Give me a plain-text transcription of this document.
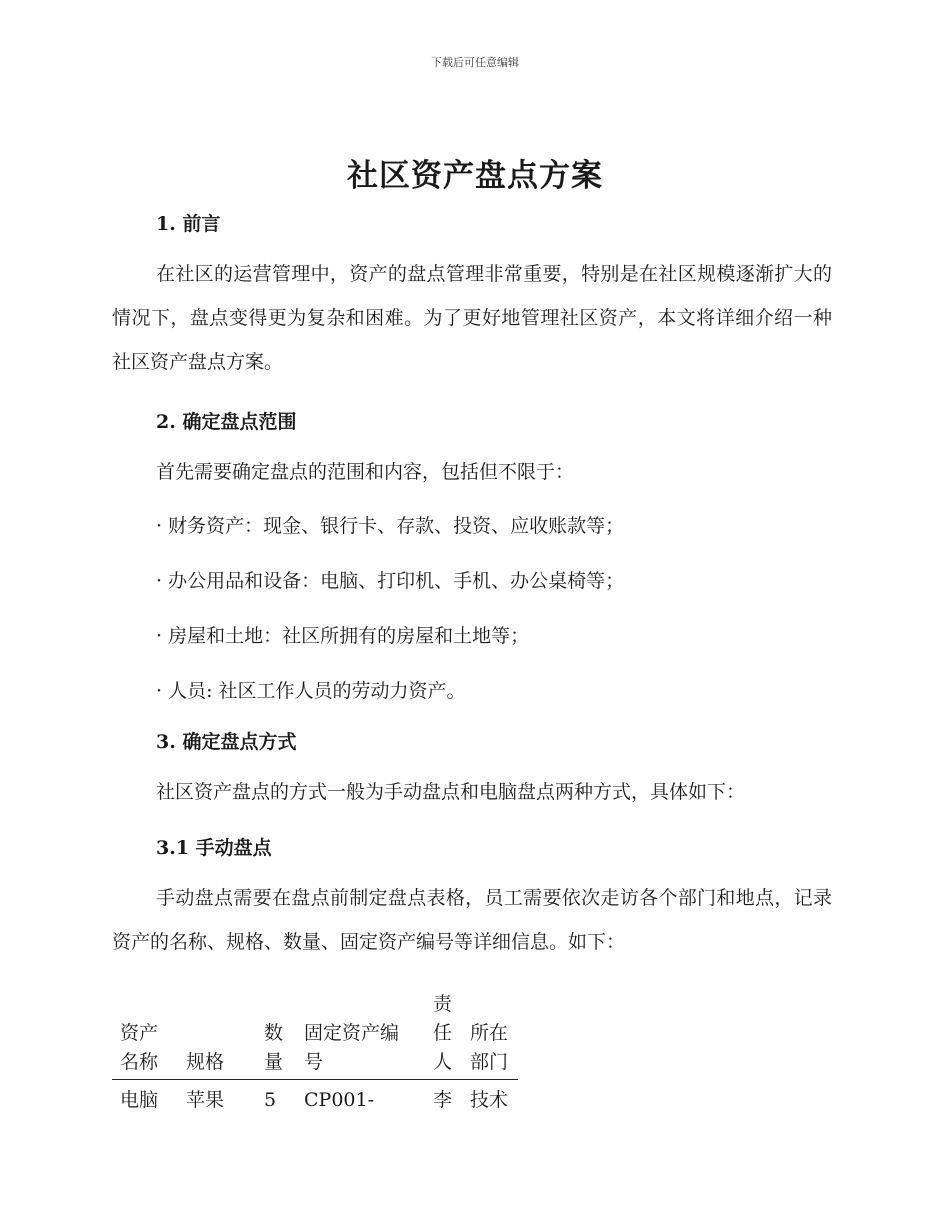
下载后可任意编辑
社区资产盘点方案
1. 前言

在社区的运营管理中，资产的盘点管理非常重要，特别是在社区规模逐渐扩大的情况下，盘点变得更为复杂和困难。为了更好地管理社区资产，本文将详细介绍一种社区资产盘点方案。

2. 确定盘点范围

首先需要确定盘点的范围和内容，包括但不限于：

· 财务资产：现金、银行卡、存款、投资、应收账款等；
· 办公用品和设备：电脑、打印机、手机、办公桌椅等；
· 房屋和土地：社区所拥有的房屋和土地等；
· 人员: 社区工作人员的劳动力资产。
3. 确定盘点方式

社区资产盘点的方式一般为手动盘点和电脑盘点两种方式，具体如下：

3.1 手动盘点

手动盘点需要在盘点前制定盘点表格，员工需要依次走访各个部门和地点，记录资产的名称、规格、数量、固定资产编号等详细信息。如下：

资产名称	规格	数量	固定资产编号	责任人	所在部门
电脑	苹果	5	CP001-	李	技术
